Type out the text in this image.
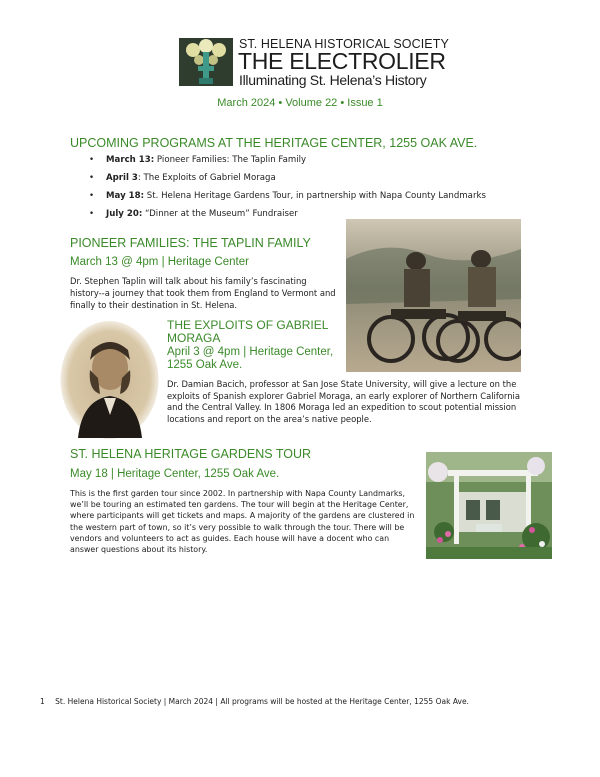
ST. HELENA HISTORICAL SOCIETY
THE ELECTROLIER
Illuminating St. Helena’s History
March 2024 • Volume 22 • Issue 1
UPCOMING PROGRAMS AT THE HERITAGE CENTER, 1255 OAK AVE.
• March 13: Pioneer Families: The Taplin Family
• April 3: The Exploits of Gabriel Moraga
• May 18: St. Helena Heritage Gardens Tour, in partnership with Napa County Landmarks
• July 20: “Dinner at the Museum” Fundraiser
PIONEER FAMILIES: THE TAPLIN FAMILY
March 13 @ 4pm | Heritage Center
Dr. Stephen Taplin will talk about his family’s fascinating history--a journey that took them from England to Vermont and finally to their destination in St. Helena.
THE EXPLOITS OF GABRIEL MORAGA
April 3 @ 4pm | Heritage Center, 1255 Oak Ave.
Dr. Damian Bacich, professor at San Jose State University, will give a lecture on the exploits of Spanish explorer Gabriel Moraga, an early explorer of Northern California and the Central Valley. In 1806 Moraga led an expedition to scout potential mission locations and report on the area’s native people.
ST. HELENA HERITAGE GARDENS TOUR
May 18 | Heritage Center, 1255 Oak Ave.
This is the first garden tour since 2002. In partnership with Napa County Landmarks, we’ll be touring an estimated ten gardens. The tour will begin at the Heritage Center, where participants will get tickets and maps. A majority of the gardens are clustered in the western part of town, so it’s very possible to walk through the tour. There will be vendors and volunteers to act as guides. Each house will have a docent who can answer questions about its history.
1 St. Helena Historical Society | March 2024 | All programs will be hosted at the Heritage Center, 1255 Oak Ave.
